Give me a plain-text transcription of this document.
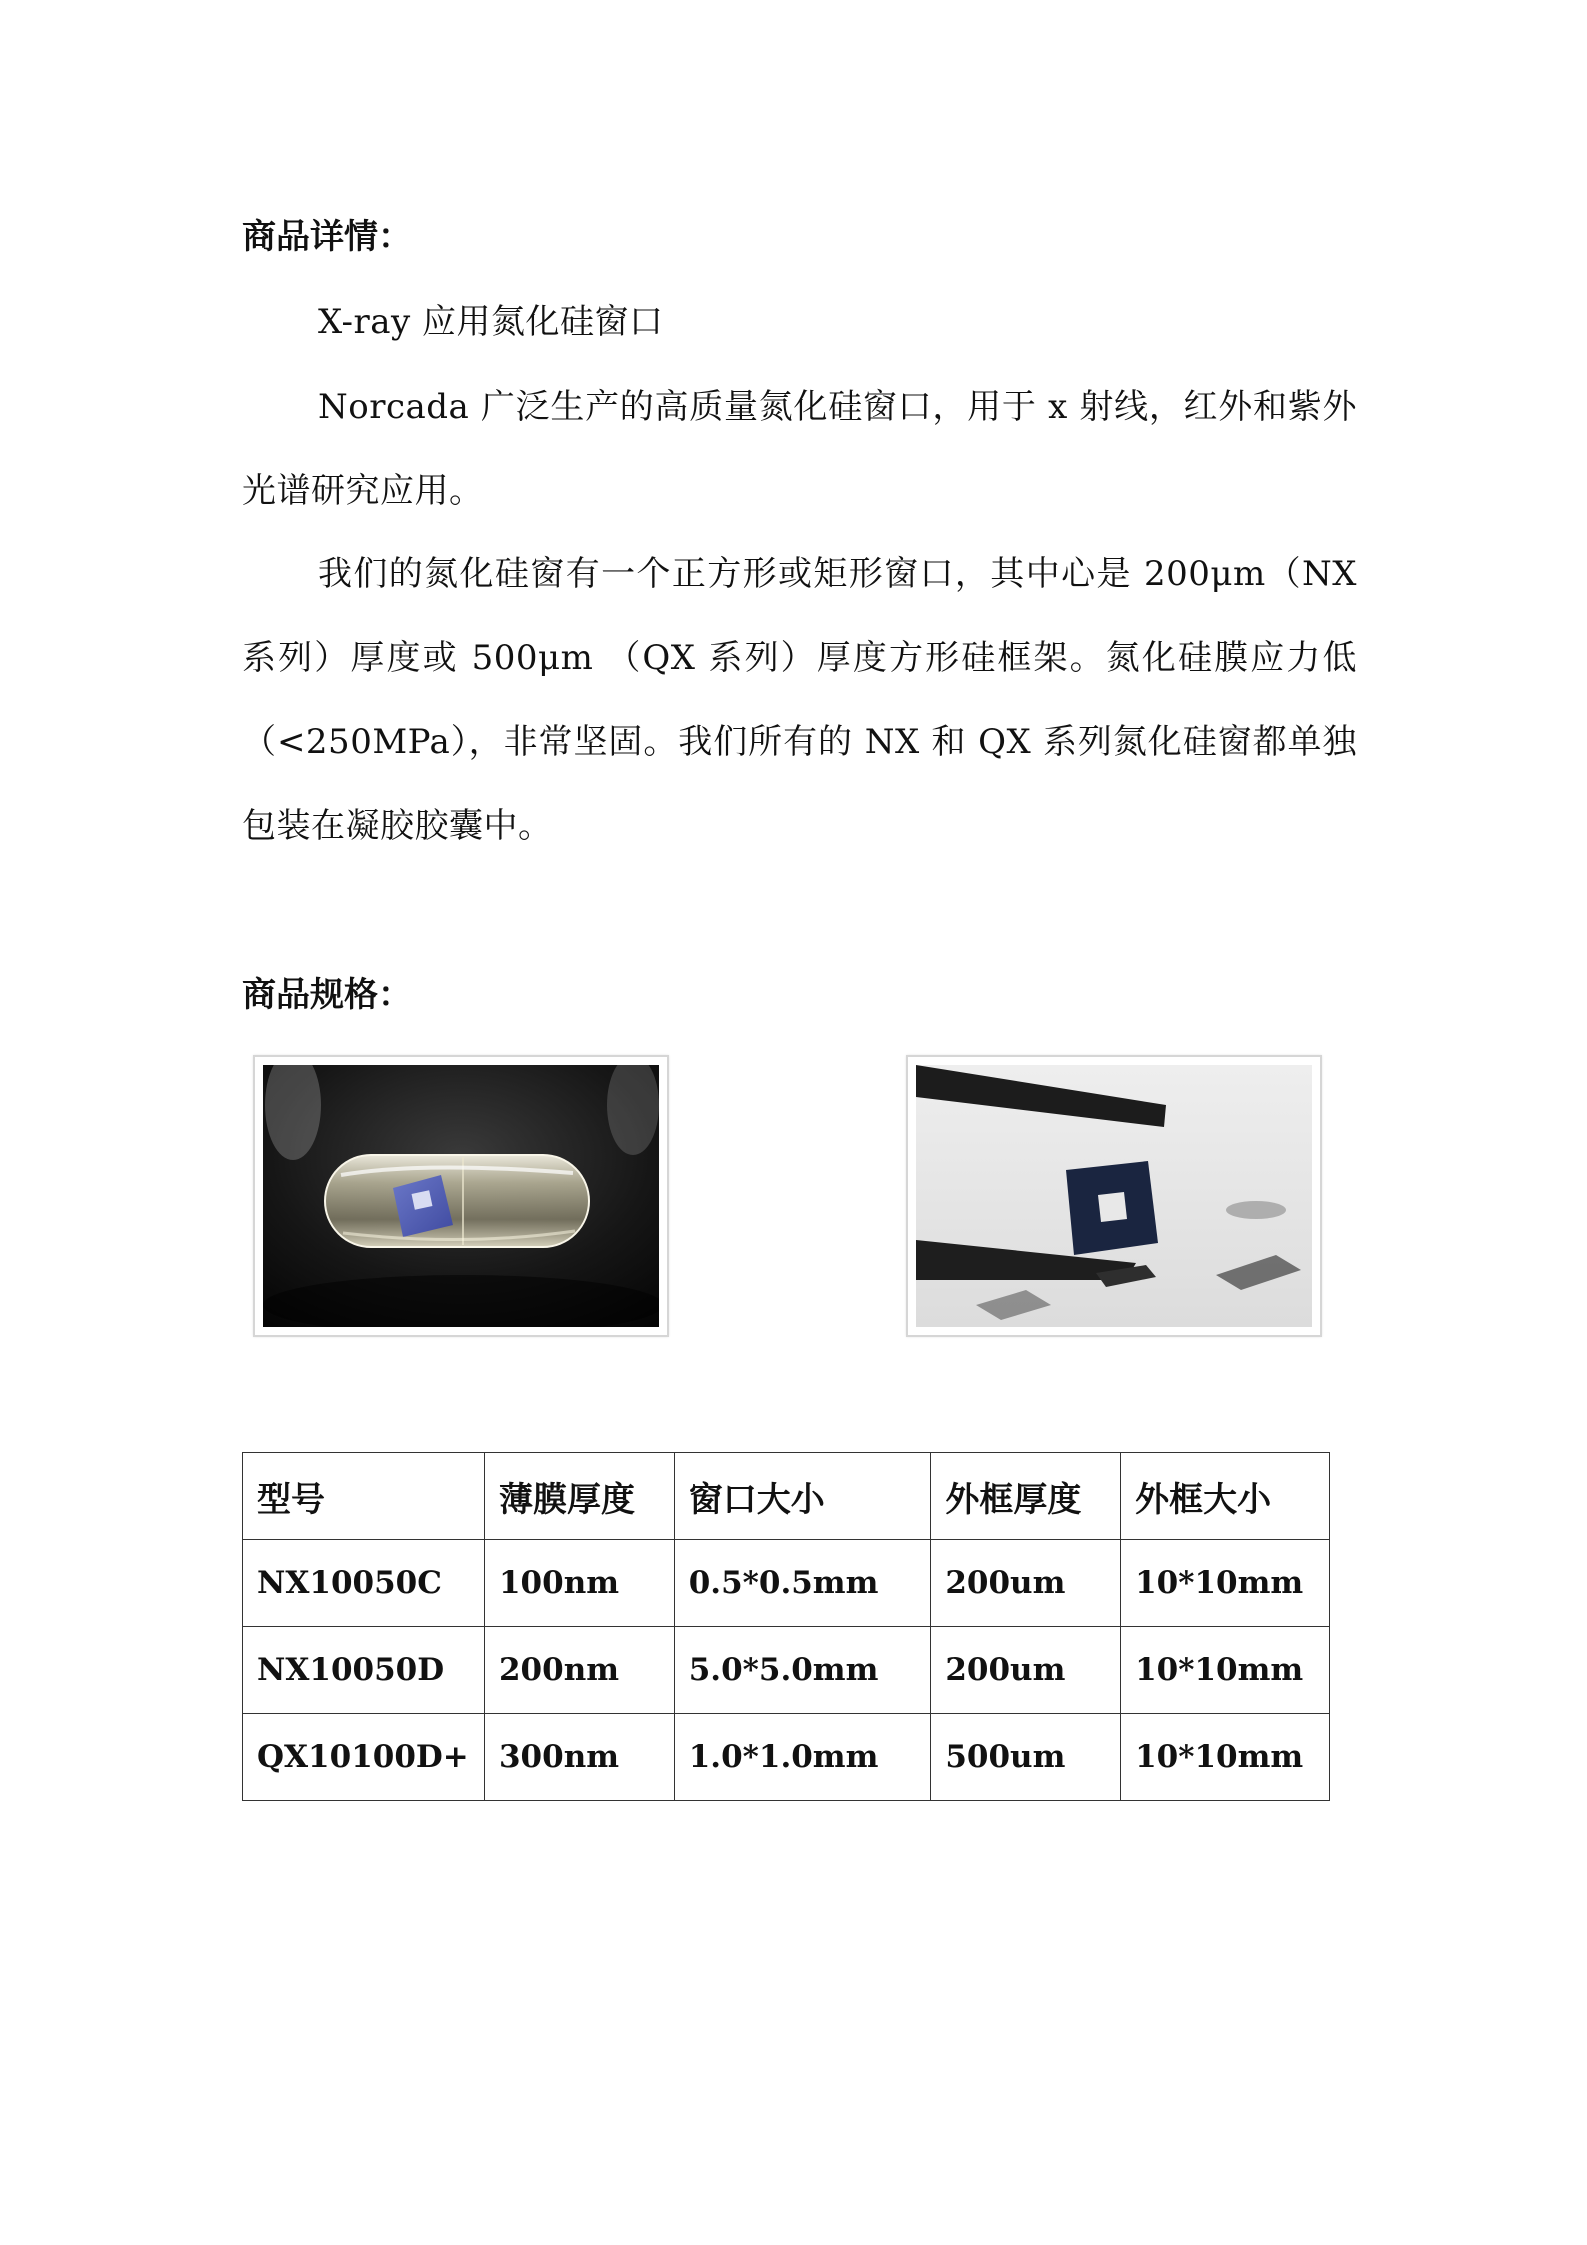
商品详情：

X-ray 应用氮化硅窗口

Norcada 广泛生产的高质量氮化硅窗口，用于 x 射线，红外和紫外光谱研究应用。

我们的氮化硅窗有一个正方形或矩形窗口，其中心是 200μm（NX 系列）厚度或 500μm （QX 系列）厚度方形硅框架。氮化硅膜应力低（<250MPa），非常坚固。我们所有的 NX 和 QX 系列氮化硅窗都单独包装在凝胶胶囊中。

商品规格：
型号	薄膜厚度	窗口大小	外框厚度	外框大小
NX10050C	100nm	0.5*0.5mm	200um	10*10mm
NX10050D	200nm	5.0*5.0mm	200um	10*10mm
QX10100D+	300nm	1.0*1.0mm	500um	10*10mm
